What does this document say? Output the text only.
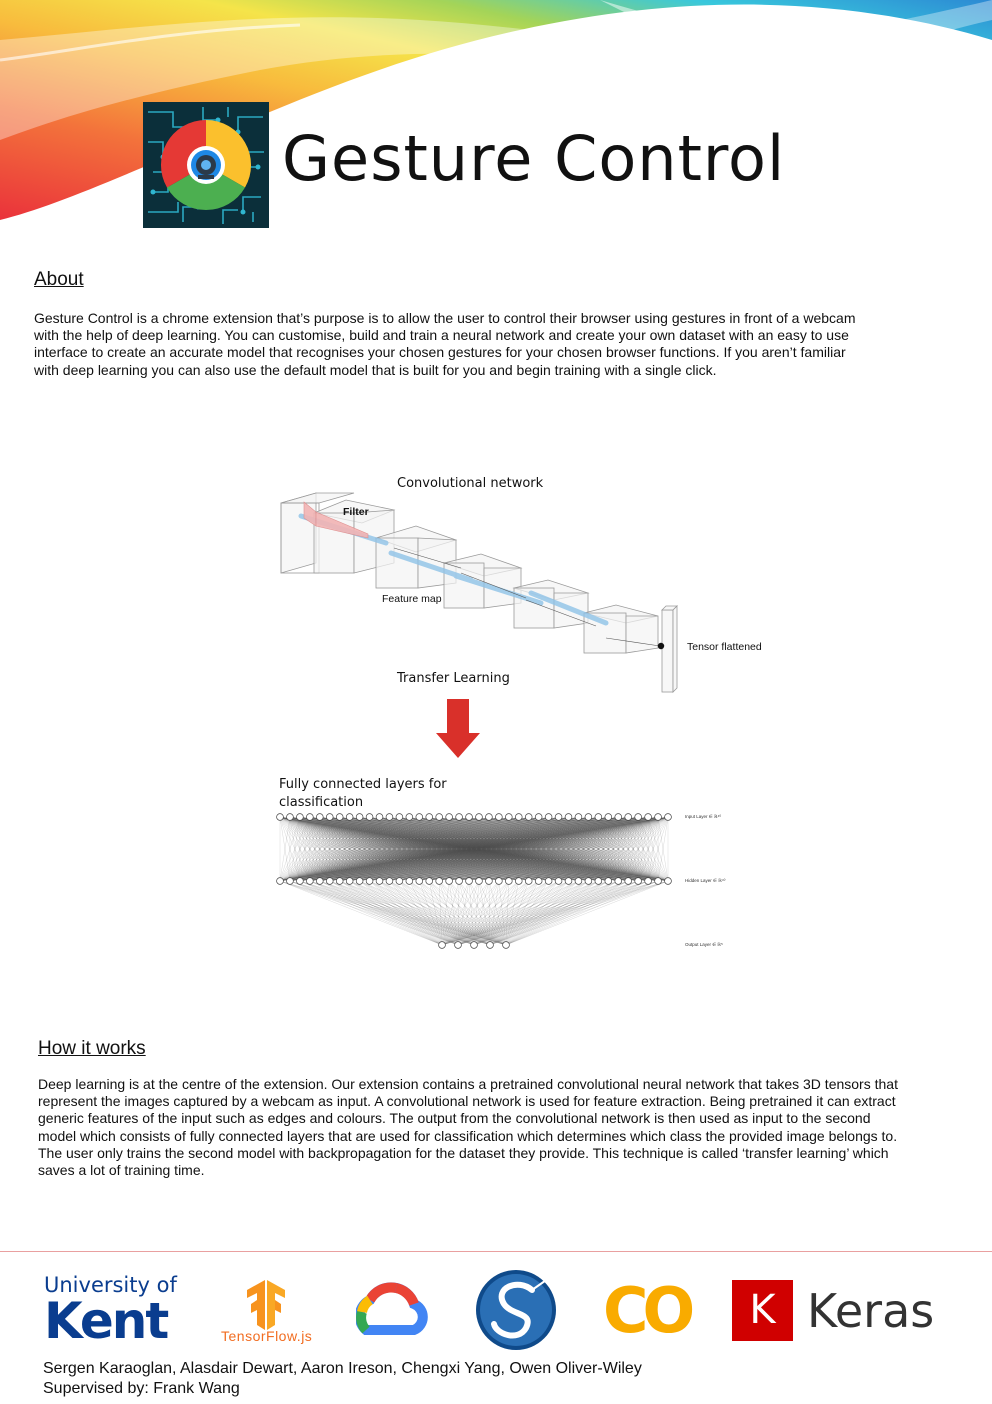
Gesture Control
About
Gesture Control is a chrome extension that’s purpose is to allow the user to control their browser using gestures in front of a webcam with the help of deep learning. You can customise, build and train a neural network and create your own dataset with an easy to use interface to create an accurate model that recognises your chosen gestures for your chosen browser functions. If you aren’t familiar with deep learning you can also use the default model that is built for you and begin training with a single click.
Convolutional network
Filter
Feature map
Tensor flattened
Transfer Learning
Fully connected layers for classification
Input Layer ∈ ℝ⁴⁰
Hidden Layer ∈ ℝ⁴⁰
Output Layer ∈ ℝ⁵
How it works
Deep learning is at the centre of the extension. Our extension contains a pretrained convolutional neural network that takes 3D tensors that represent the images captured by a webcam as input. A convolutional network is used for feature extraction. Being pretrained it can extract generic features of the input such as edges and colours. The output from the convolutional network is then used as input to the second model which consists of fully connected layers that are used for classification which determines which class the provided image belongs to. The user only trains the second model with backpropagation for the dataset they provide. This technique is called ‘transfer learning’ which saves a lot of training time.
University of
Kent	TensorFlow.js	CO	K Keras
Sergen Karaoglan, Alasdair Dewart, Aaron Ireson, Chengxi Yang, Owen Oliver-Wiley
Supervised by: Frank Wang
